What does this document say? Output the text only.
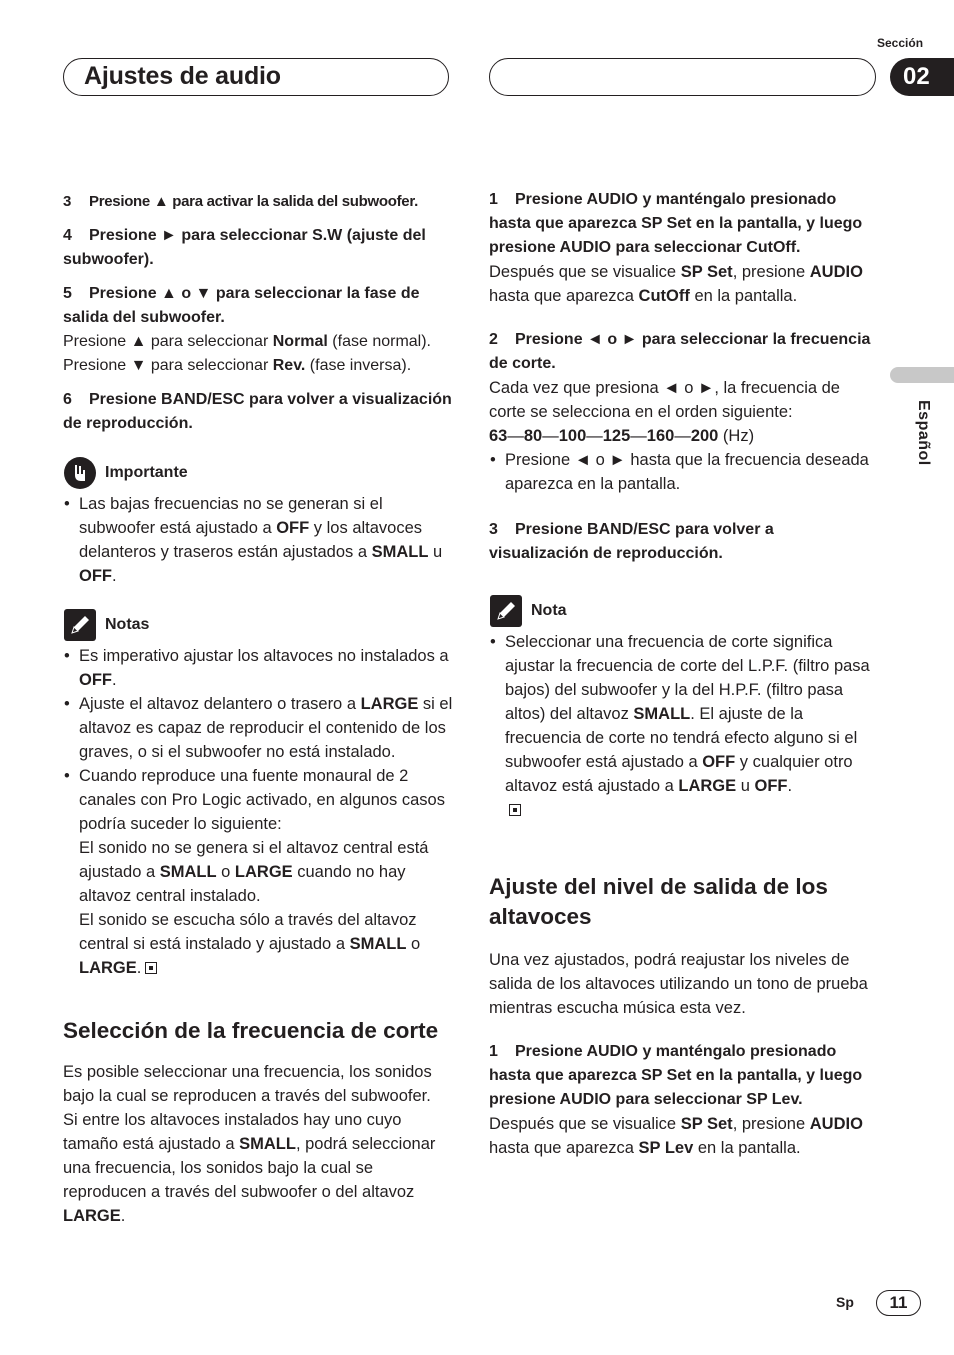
Ajustes de audio
Sección
02
Español

3 Presione ▲ para activar la salida del subwoofer.

4 Presione ► para seleccionar S.W (ajuste del subwoofer).

5 Presione ▲ o ▼ para seleccionar la fase de salida del subwoofer.

Presione ▲ para seleccionar Normal (fase normal).

Presione ▼ para seleccionar Rev. (fase inversa).

6 Presione BAND/ESC para volver a visualización de reproducción.

Importante
• Las bajas frecuencias no se generan si el subwoofer está ajustado a OFF y los altavoces delanteros y traseros están ajustados a SMALL u OFF.
Notas
• Es imperativo ajustar los altavoces no instalados a OFF.
• Ajuste el altavoz delantero o trasero a LARGE si el altavoz es capaz de reproducir el contenido de los graves, o si el subwoofer no está instalado.
• Cuando reproduce una fuente monaural de 2 canales con Pro Logic activado, en algunos casos podría suceder lo siguiente:
El sonido no se genera si el altavoz central está ajustado a SMALL o LARGE cuando no hay altavoz central instalado.
El sonido se escucha sólo a través del altavoz central si está instalado y ajustado a SMALL o LARGE.

Selección de la frecuencia de corte

Es posible seleccionar una frecuencia, los sonidos bajo la cual se reproducen a través del subwoofer.

Si entre los altavoces instalados hay uno cuyo tamaño está ajustado a SMALL, podrá seleccionar una frecuencia, los sonidos bajo la cual se reproducen a través del subwoofer o del altavoz LARGE.

1 Presione AUDIO y manténgalo presionado hasta que aparezca SP Set en la pantalla, y luego presione AUDIO para seleccionar CutOff.

Después que se visualice SP Set, presione AUDIO hasta que aparezca CutOff en la pantalla.

2 Presione ◄ o ► para seleccionar la frecuencia de corte.

Cada vez que presiona ◄ o ►, la frecuencia de corte se selecciona en el orden siguiente:

63—80—100—125—160—200 (Hz)

• Presione ◄ o ► hasta que la frecuencia deseada aparezca en la pantalla.

3 Presione BAND/ESC para volver a visualización de reproducción.

Nota
• Seleccionar una frecuencia de corte significa ajustar la frecuencia de corte del L.P.F. (filtro pasa bajos) del subwoofer y la del H.P.F. (filtro pasa altos) del altavoz SMALL. El ajuste de la frecuencia de corte no tendrá efecto alguno si el subwoofer está ajustado a OFF y cualquier otro altavoz está ajustado a LARGE u OFF.

Ajuste del nivel de salida de los altavoces

Una vez ajustados, podrá reajustar los niveles de salida de los altavoces utilizando un tono de prueba mientras escucha música esta vez.

1 Presione AUDIO y manténgalo presionado hasta que aparezca SP Set en la pantalla, y luego presione AUDIO para seleccionar SP Lev.

Después que se visualice SP Set, presione AUDIO hasta que aparezca SP Lev en la pantalla.

Sp	11
